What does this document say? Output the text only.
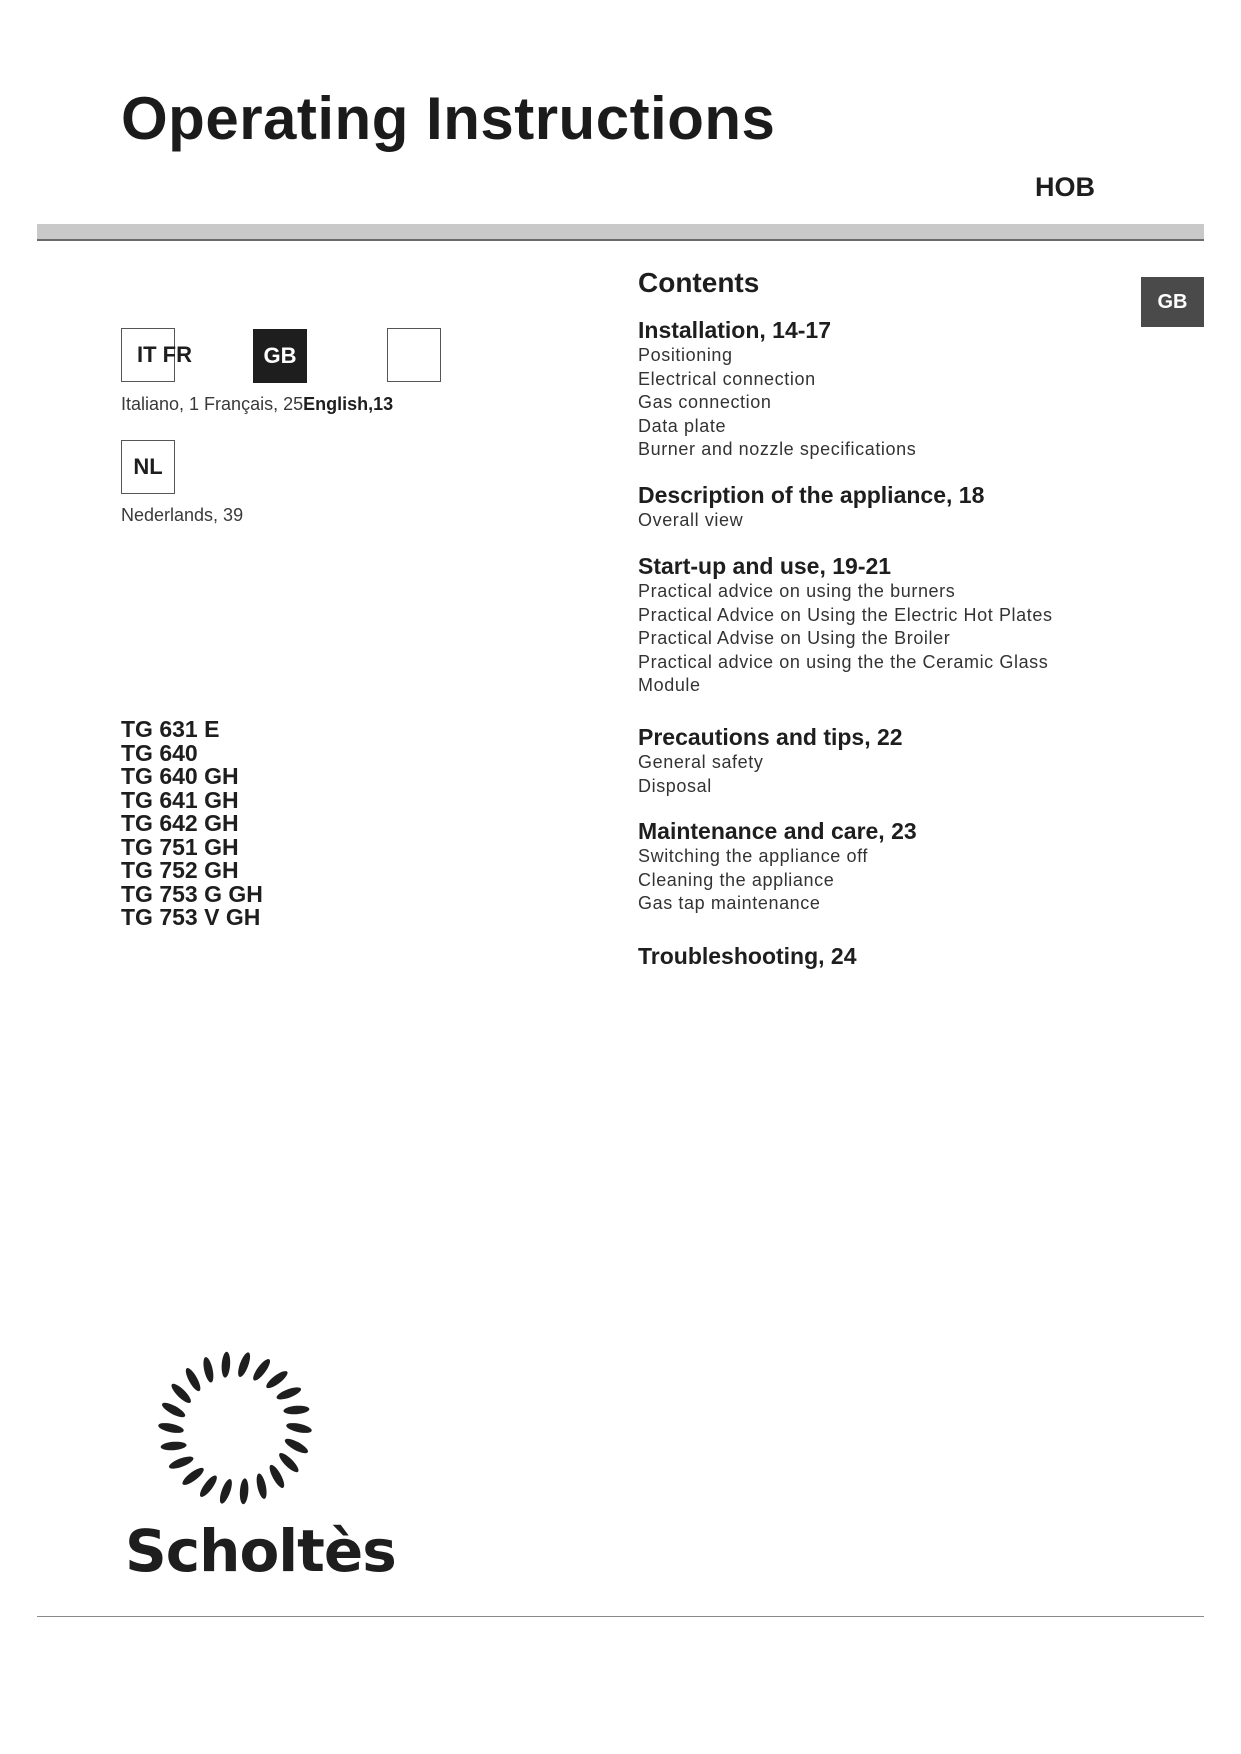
Operating Instructions
HOB
IT FR	GB
Italiano, 1 Français, 25English,13
NL
Nederlands, 39
TG 631 E
TG 640
TG 640 GH
TG 641 GH
TG 642 GH
TG 751 GH
TG 752 GH
TG 753 G GH
TG 753 V GH
Contents
GB
Installation, 14-17
Positioning
Electrical connection
Gas connection
Data plate
Burner and nozzle specifications
Description of the appliance, 18
Overall view
Start-up and use, 19-21
Practical advice on using the burners
Practical Advice on Using the Electric Hot Plates
Practical Advise on Using the Broiler
Practical advice on using the the Ceramic Glass Module
Precautions and tips, 22
General safety
Disposal
Maintenance and care, 23
Switching the appliance off
Cleaning the appliance
Gas tap maintenance
Troubleshooting, 24
Scholtès
